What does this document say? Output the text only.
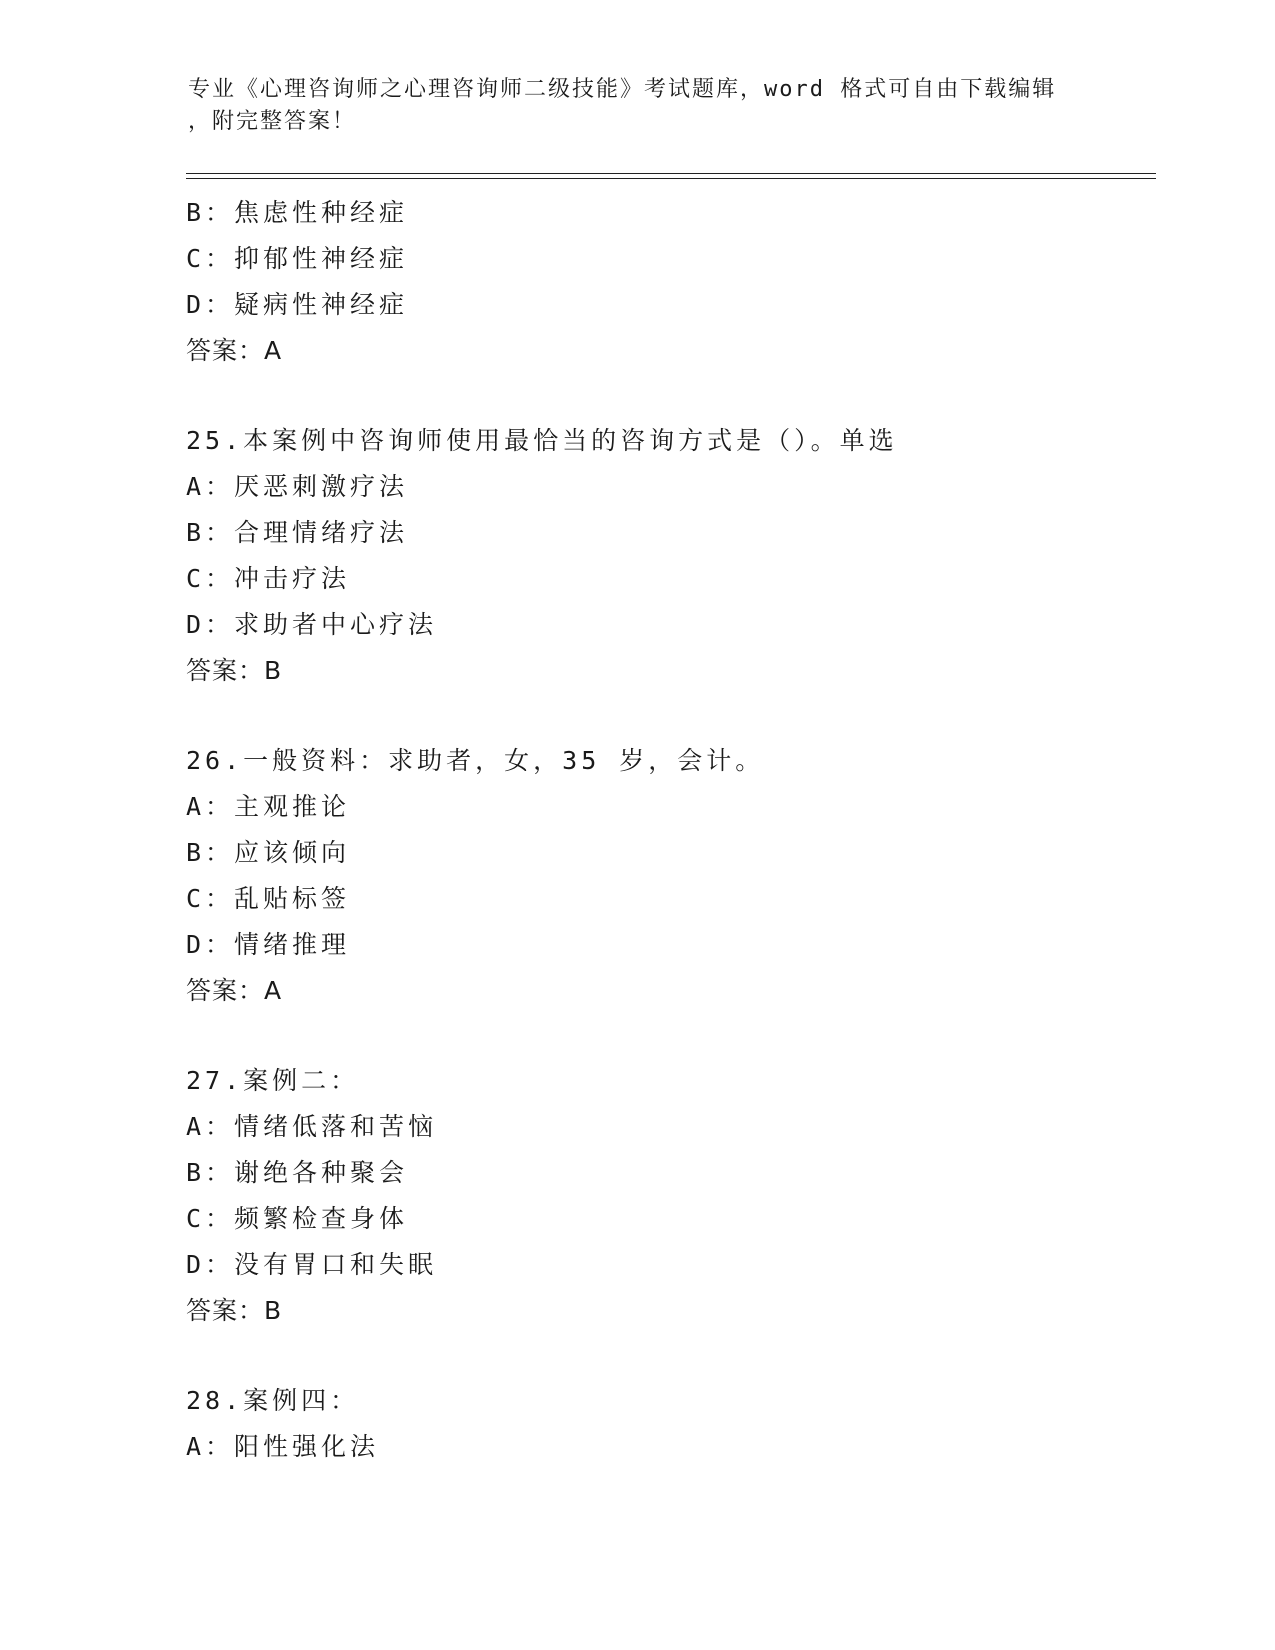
专业《心理咨询师之心理咨询师二级技能》考试题库，word 格式可自由下载编辑
，附完整答案！
B：焦虑性种经症
C：抑郁性神经症
D：疑病性神经症
答案：A
25.本案例中咨询师使用最恰当的咨询方式是（）。单选
A：厌恶刺激疗法
B：合理情绪疗法
C：冲击疗法
D：求助者中心疗法
答案：B
26.一般资料：求助者，女，35 岁，会计。
A：主观推论
B：应该倾向
C：乱贴标签
D：情绪推理
答案：A
27.案例二：
A：情绪低落和苦恼
B：谢绝各种聚会
C：频繁检查身体
D：没有胃口和失眠
答案：B
28.案例四：
A：阳性强化法
